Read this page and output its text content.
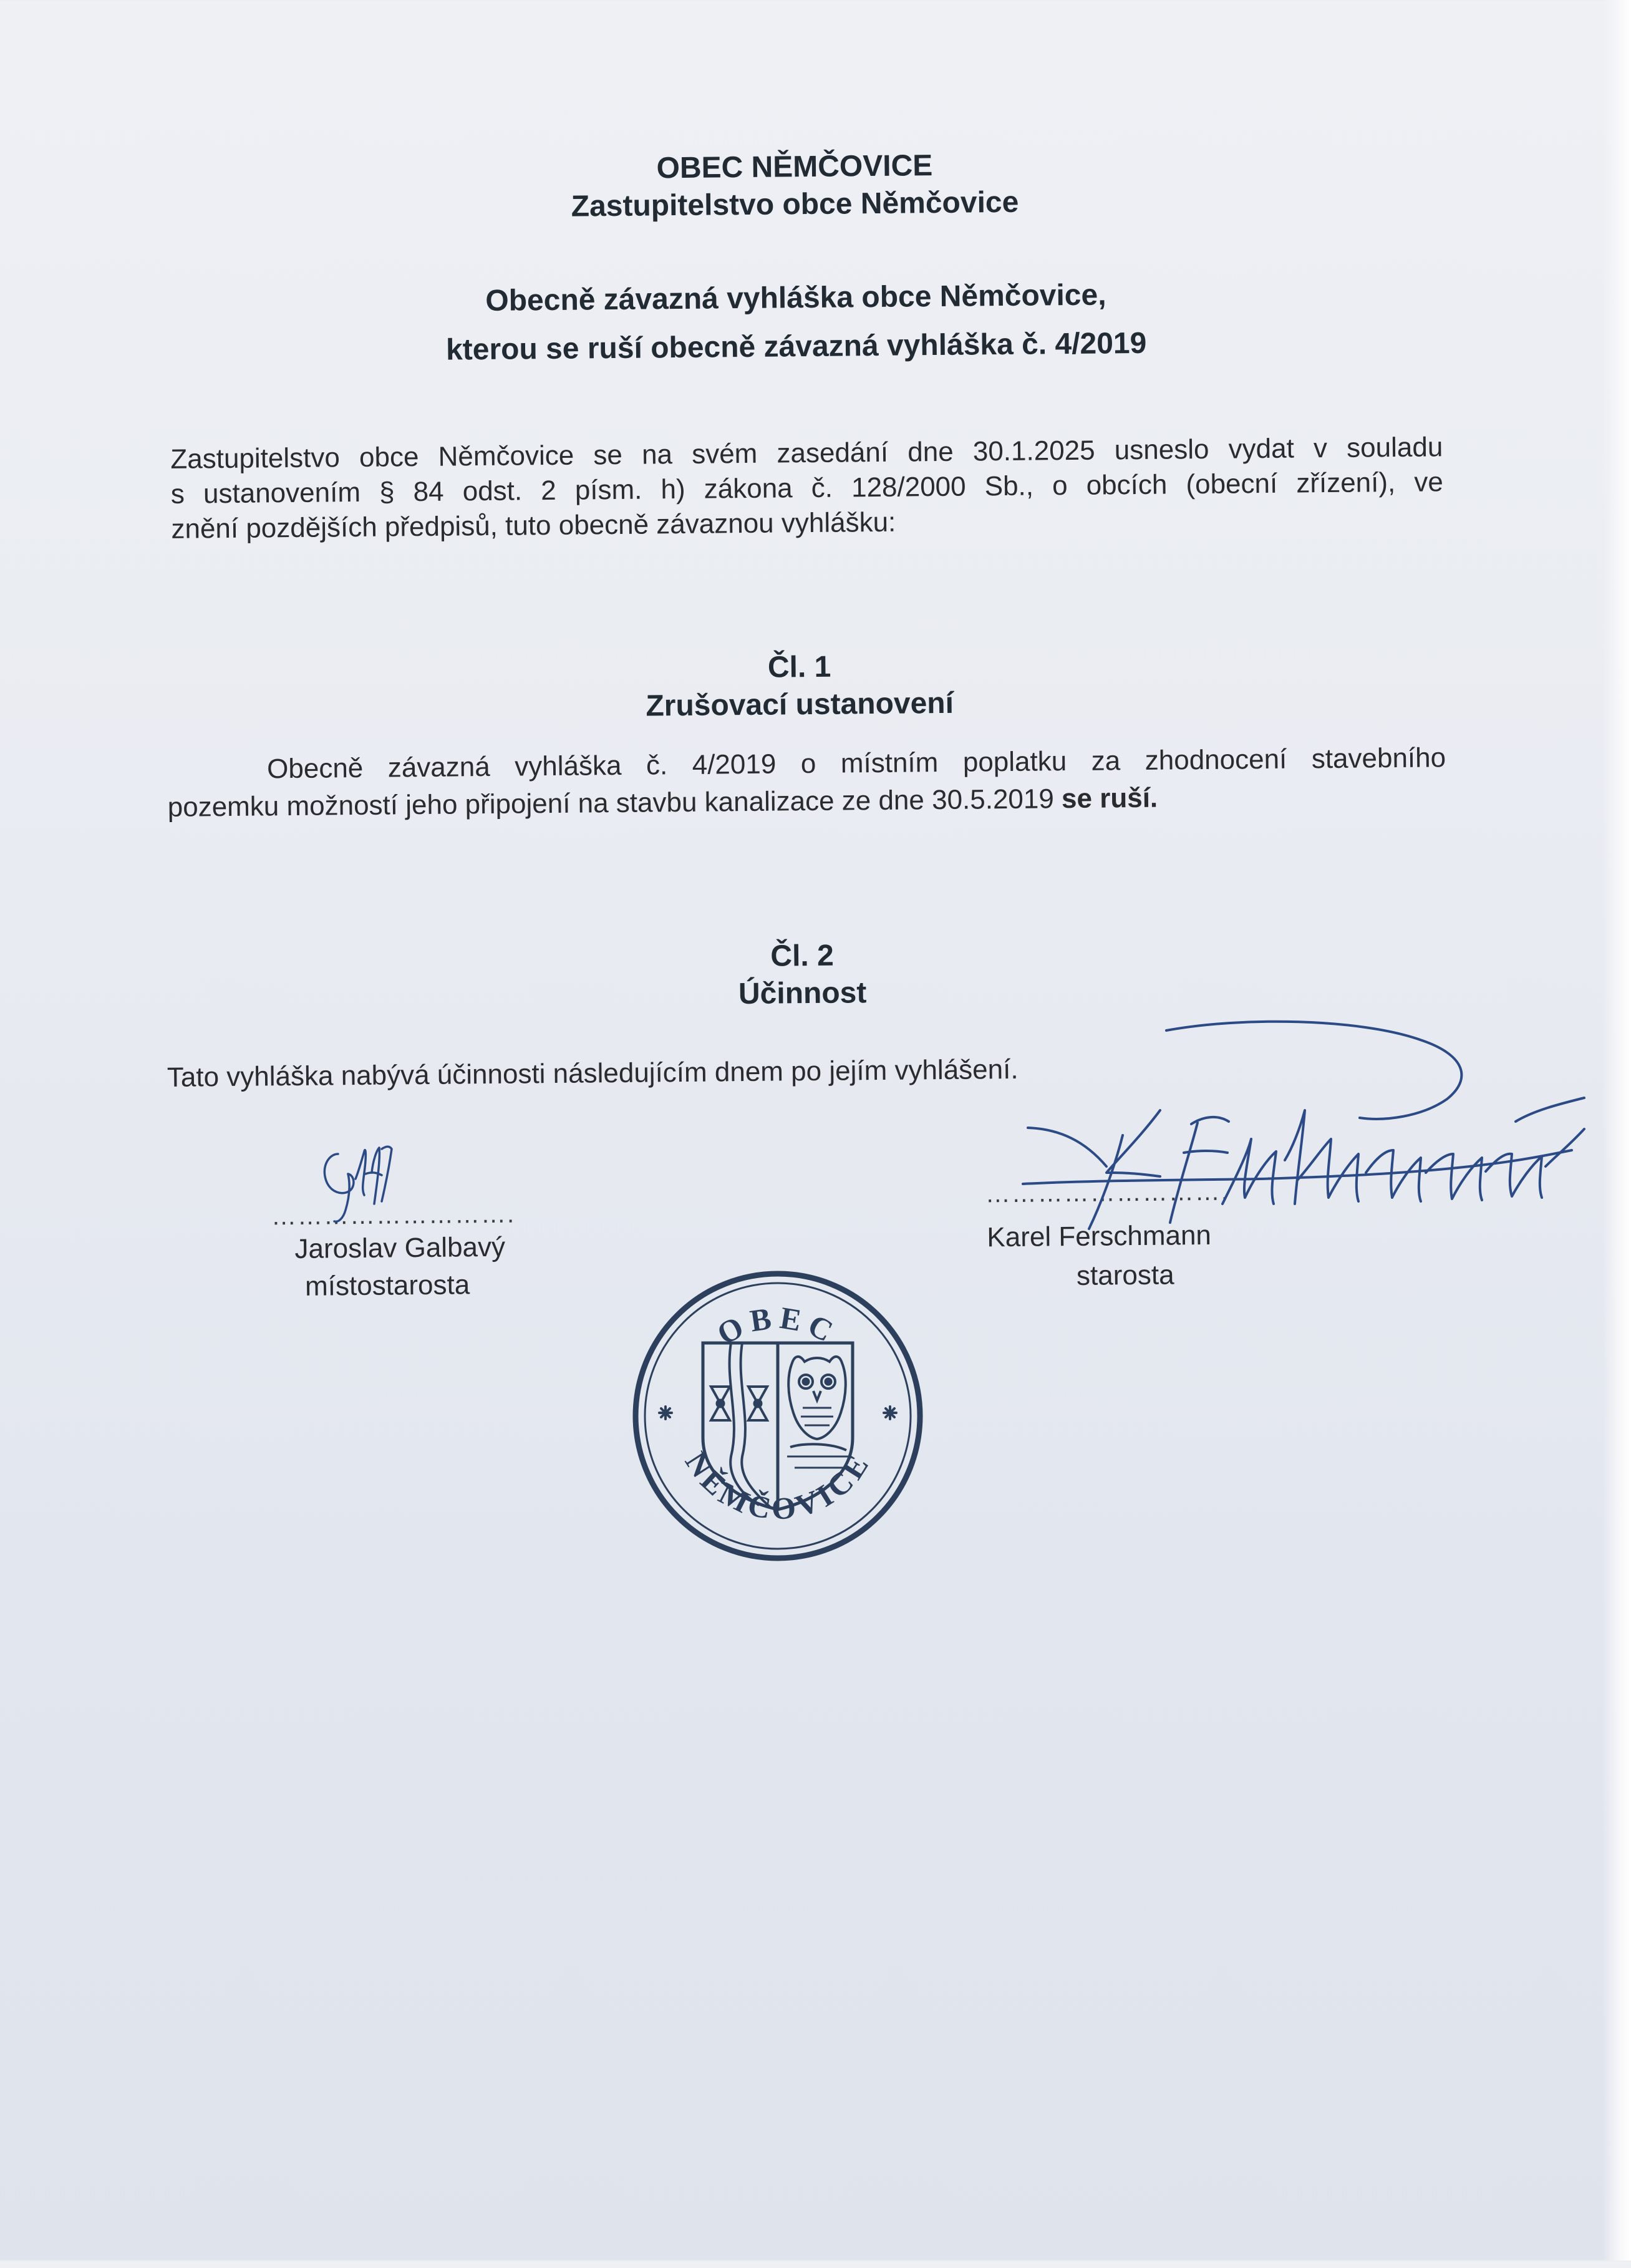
OBEC NĚMČOVICE
Zastupitelstvo obce Němčovice
Obecně závazná vyhláška obce Němčovice,
kterou se ruší obecně závazná vyhláška č. 4/2019
Zastupitelstvo obce Němčovice se na svém zasedání dne 30.1.2025 usneslo vydat v souladu
s ustanovením § 84 odst. 2 písm. h) zákona č. 128/2000 Sb., o obcích (obecní zřízení), ve
znění pozdějších předpisů, tuto obecně závaznou vyhlášku:
Čl. 1
Zrušovací ustanovení
Obecně závazná vyhláška č. 4/2019 o místním poplatku za zhodnocení stavebního
pozemku možností jeho připojení na stavbu kanalizace ze dne 30.5.2019 se ruší.
Čl. 2
Účinnost
Tato vyhláška nabývá účinnosti následujícím dnem po jejím vyhlášení.
……………………….
Jaroslav Galbavý
místostarosta
……………………….
Karel Ferschmann
starosta
OBEC
NĚMČOVICE
